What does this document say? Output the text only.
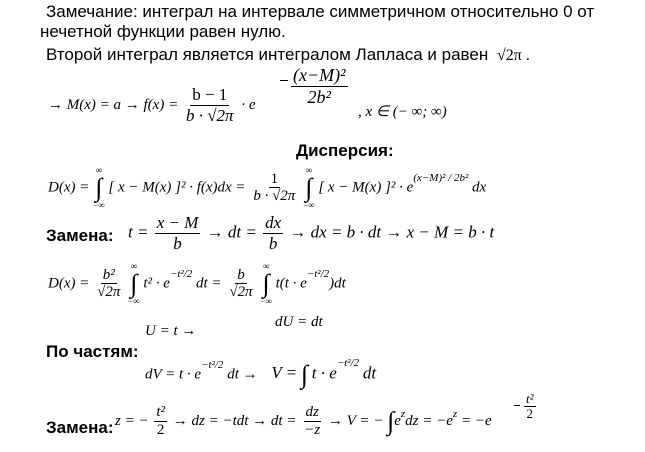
Замечание: интеграл на интервале симметричном относительно 0 от
нечетной функции равен нулю.
Второй интеграл является интегралом Лапласа и равен √2π .
→ $M(x) = a \to f(x) = \frac{b - 1}{b \cdot √2\pi} \cdot e \frac{\text{(x−M)²}}{\text{2b²}}$
, x ∈ (− ∞; ∞)
Дисперсия:
D(x) =
∞
∫
−∞
[ x − M(x) ]$^2 \cdot f(x)dx = \frac{1}{b \cdot √2\pi}$

∞
∫
−∞
[ x − M(x) ]$^2 \cdot e^{(x-M)^2 / 2b^2}$ dx
Замена: $t = \frac{x - M}{b}$ → dt = $\frac{dx}{b}$ → dx = b · dt → x − M = b · t
$D(x) = \frac{\text{b²}}{√2\pi}$

∞
∫
−∞
$t^2 \cdot e^{-t^2/2}$ dt = $\frac{b}{√2\pi}$

∞
∫
−∞
$t(t \cdot e^{-t^2/2})dt$
dU = dt
U = t →
По частям:
dV = $t \cdot e^{-t^2/2}$ dt → V = ∫ $t \cdot e^{-t^2/2}$ dt
Замена: z = − $\frac{\text{t²}}{2}$ → dz = −tdt → dt = $\frac{dz}{-z} \to V$ = − $\int e^zdz = -e^z = -e \frac{\text{t²}}{2}$
